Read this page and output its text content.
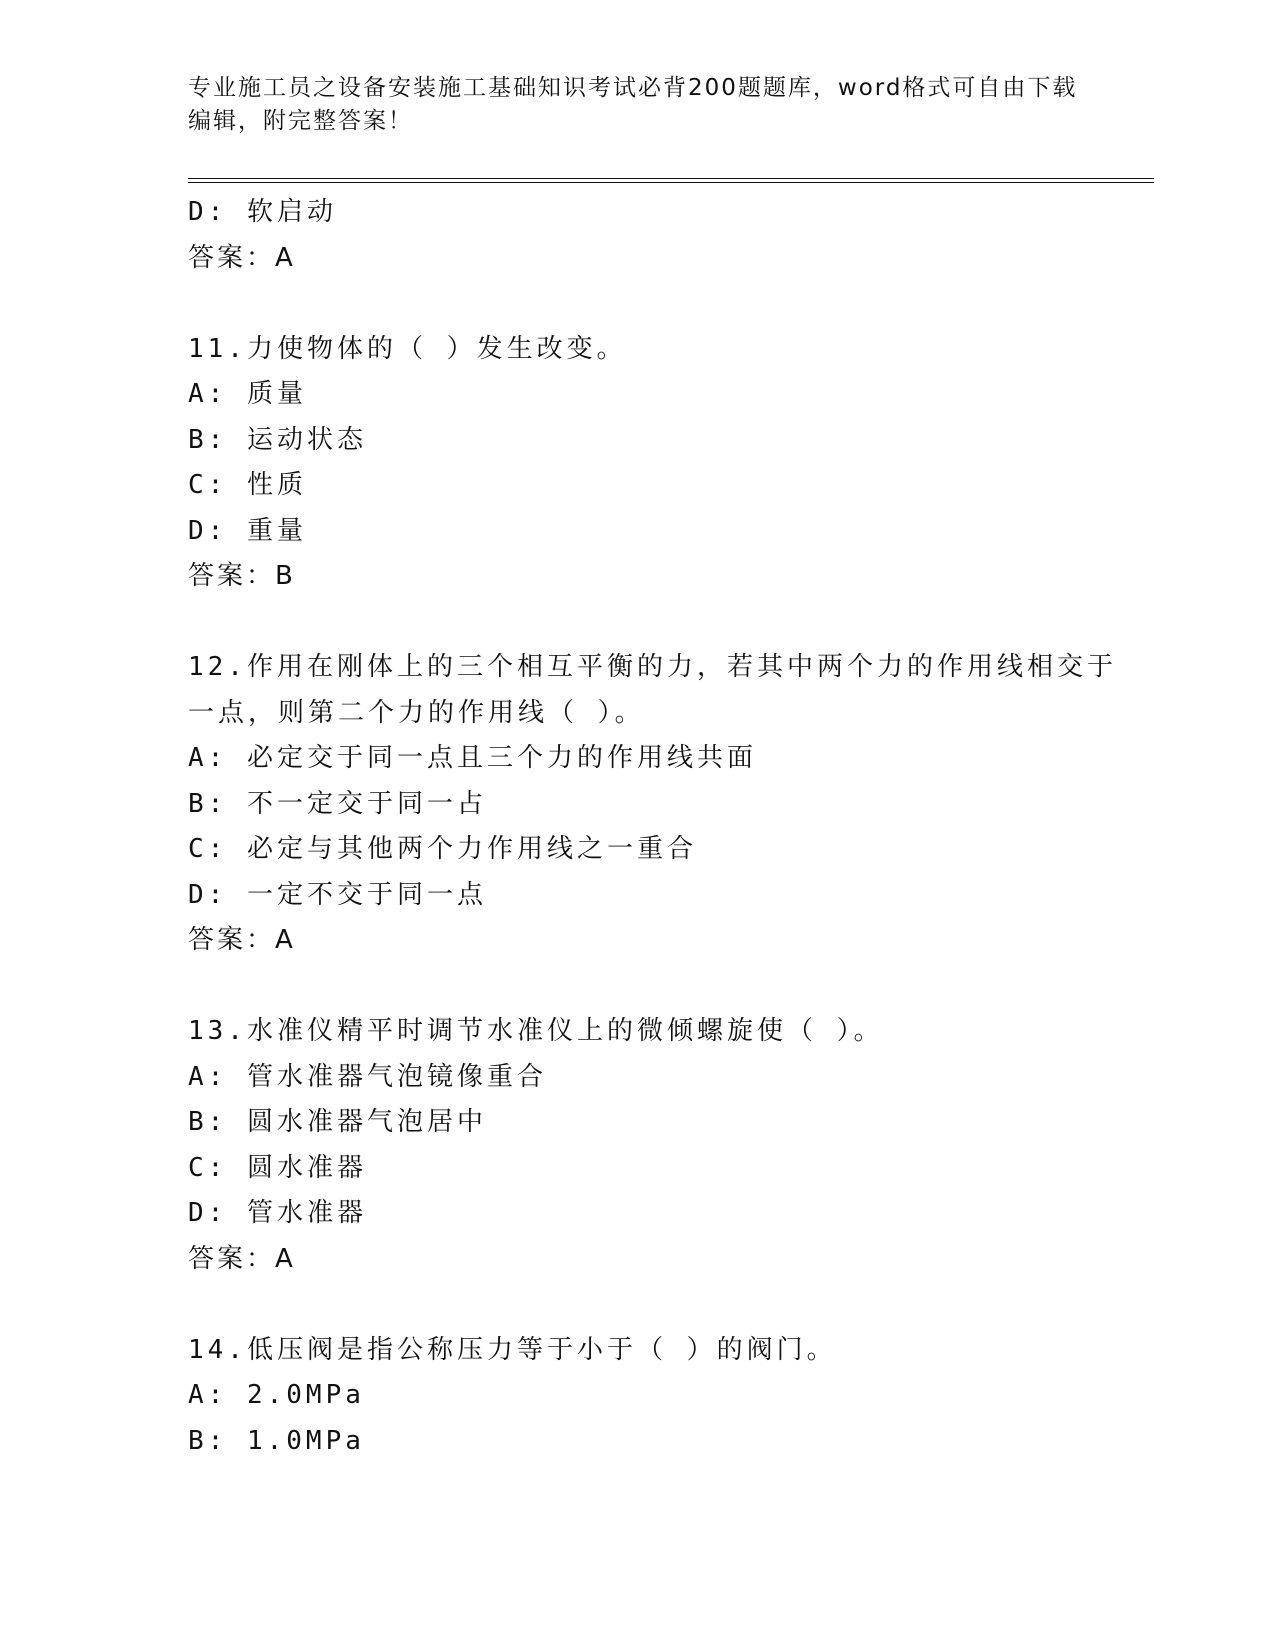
专业施工员之设备安装施工基础知识考试必背200题题库，word格式可自由下载
编辑，附完整答案！
D: 软启动
答案：A
11.力使物体的（ ）发生改变。
A: 质量
B: 运动状态
C: 性质
D: 重量
答案：B
12.作用在刚体上的三个相互平衡的力，若其中两个力的作用线相交于
一点，则第二个力的作用线（ ）。
A: 必定交于同一点且三个力的作用线共面
B: 不一定交于同一占
C: 必定与其他两个力作用线之一重合
D: 一定不交于同一点
答案：A
13.水准仪精平时调节水准仪上的微倾螺旋使（ ）。
A: 管水准器气泡镜像重合
B: 圆水准器气泡居中
C: 圆水准器
D: 管水准器
答案：A
14.低压阀是指公称压力等于小于（ ）的阀门。
A: 2.0MPa
B: 1.0MPa
